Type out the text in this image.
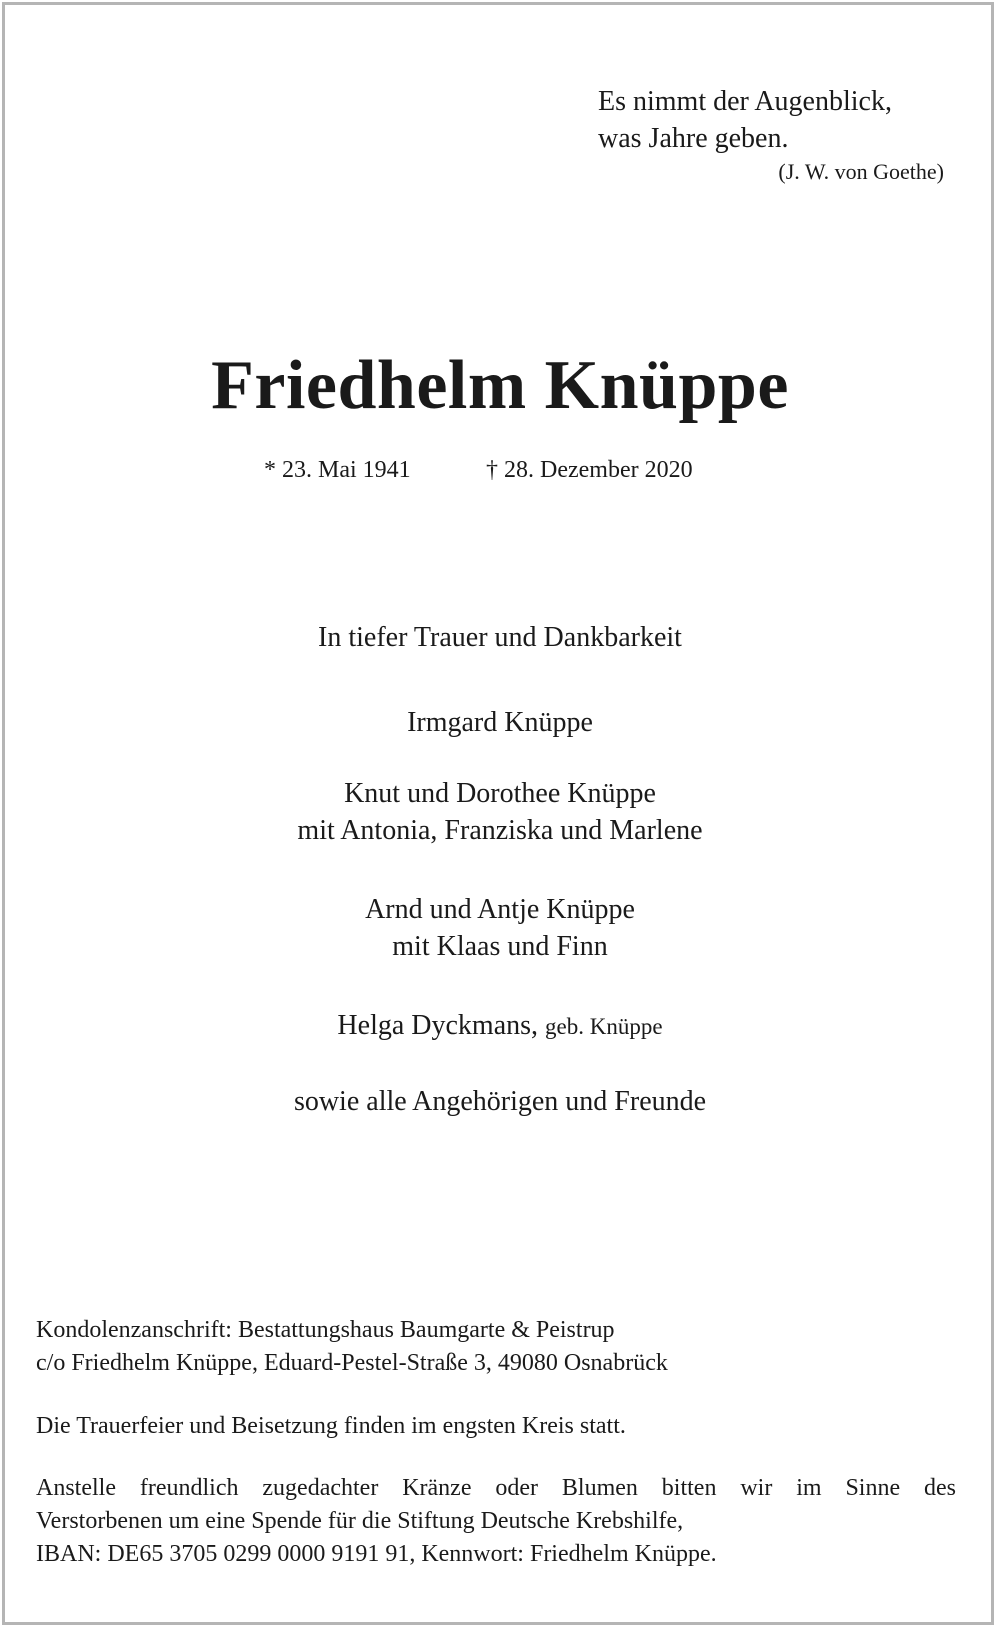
Es nimmt der Augenblick,

was Jahre geben.

(J. W. von Goethe)

Friedhelm Knüppe

* 23. Mai 1941	† 28. Dezember 2020

In tiefer Trauer und Dankbarkeit

Irmgard Knüppe

Knut und Dorothee Knüppe

mit Antonia, Franziska und Marlene

Arnd und Antje Knüppe

mit Klaas und Finn

Helga Dyckmans, geb. Knüppe

sowie alle Angehörigen und Freunde

Kondolenzanschrift: Bestattungshaus Baumgarte & Peistrup

c/o Friedhelm Knüppe, Eduard-Pestel-Straße 3, 49080 Osnabrück

Die Trauerfeier und Beisetzung finden im engsten Kreis statt.

Anstelle freundlich zugedachter Kränze oder Blumen bitten wir im Sinne des

Verstorbenen um eine Spende für die Stiftung Deutsche Krebshilfe,

IBAN: DE65 3705 0299 0000 9191 91, Kennwort: Friedhelm Knüppe.
